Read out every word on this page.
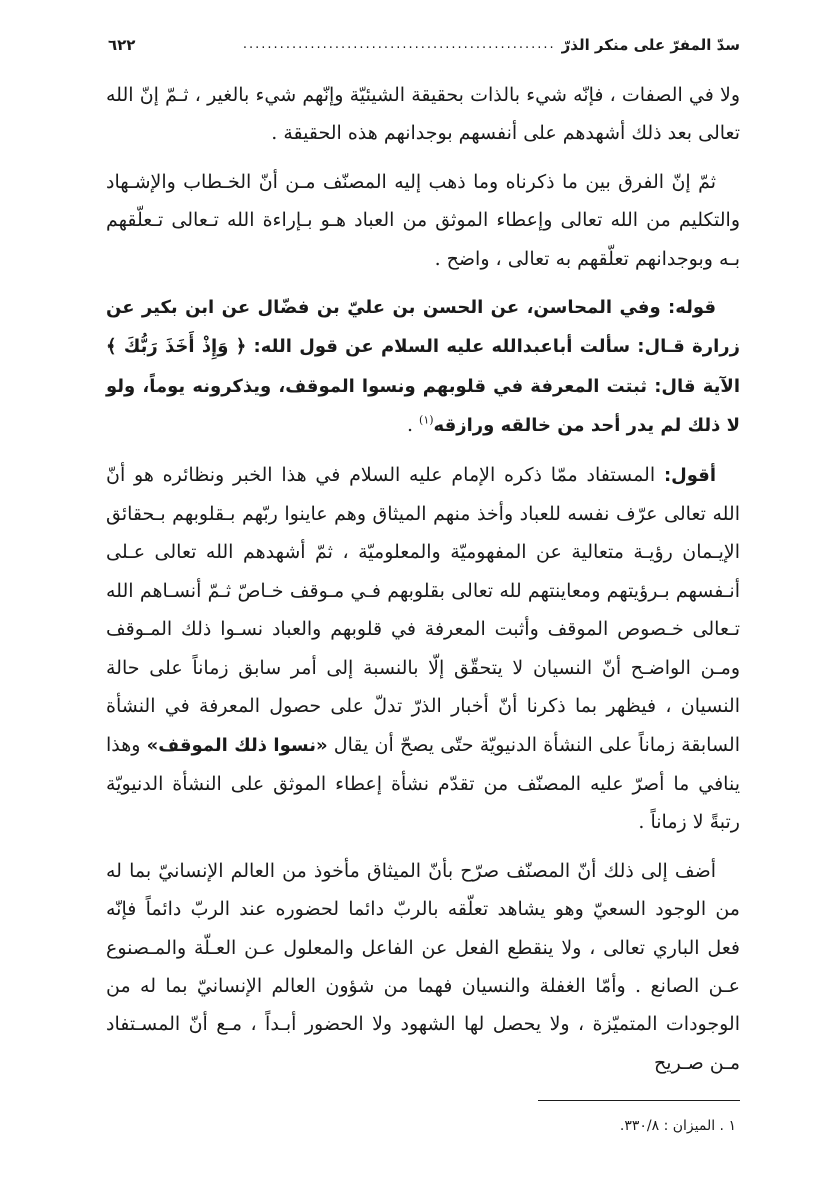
سدّ المفرّ على منكر الذرّ
...................................................
٦٢٢

ولا في الصفات ، فإنّه شيء بالذات بحقيقة الشيئيّة وإنّهم شيء بالغير ، ثـمّ إنّ الله تعالى بعد ذلك أشهدهم على أنفسهم بوجدانهم هذه الحقيقة .

ثمّ إنّ الفرق بين ما ذكرناه وما ذهب إليه المصنّف مـن أنّ الخـطاب والإشـهاد والتكليم من الله تعالى وإعطاء الموثق من العباد هـو بـإراءة الله تـعالى تـعلّقهم بـه وبوجدانهم تعلّقهم به تعالى ، واضح .

قوله: وفي المحاسن، عن الحسن بن عليّ بن فضّال عن ابن بكير عن زرارة قـال: سألت أباعبدالله عليه السلام عن قول الله: ﴿ وَإِذْ أَخَذَ رَبُّكَ ﴾ الآية قال: ثبتت المعرفة في قلوبهم ونسوا الموقف، ويذكرونه يوماً، ولو لا ذلك لم يدر أحد من خالقه ورازقه$^{(١)}$ .

أقول: المستفاد ممّا ذكره الإمام عليه السلام في هذا الخبر ونظائره هو أنّ الله تعالى عرّف نفسه للعباد وأخذ منهم الميثاق وهم عاينوا ربّهم بـقلوبهم بـحقائق الإيـمان رؤيـة متعالية عن المفهوميّة والمعلوميّة ، ثمّ أشهدهم الله تعالى عـلى أنـفسهم بـرؤيتهم ومعاينتهم لله تعالى بقلوبهم فـي مـوقف خـاصّ ثـمّ أنسـاهم الله تـعالى خـصوص الموقف وأثبت المعرفة في قلوبهم والعباد نسـوا ذلك المـوقف ومـن الواضـح أنّ النسيان لا يتحقّق إلّا بالنسبة إلى أمر سابق زماناً على حالة النسيان ، فيظهر بما ذكرنا أنّ أخبار الذرّ تدلّ على حصول المعرفة في النشأة السابقة زماناً على النشأة الدنيويّة حتّى يصحّ أن يقال «نسوا ذلك الموقف» وهذا ينافي ما أصرّ عليه المصنّف من تقدّم نشأة إعطاء الموثق على النشأة الدنيويّة رتبةً لا زماناً .

أضف إلى ذلك أنّ المصنّف صرّح بأنّ الميثاق مأخوذ من العالم الإنسانيّ بما له من الوجود السعيّ وهو يشاهد تعلّقه بالربّ دائما لحضوره عند الربّ دائماً فإنّه فعل الباري تعالى ، ولا ينقطع الفعل عن الفاعل والمعلول عـن العـلّة والمـصنوع عـن الصانع . وأمّا الغفلة والنسيان فهما من شؤون العالم الإنسانيّ بما له من الوجودات المتميّزة ، ولا يحصل لها الشهود ولا الحضور أبـداً ، مـع أنّ المسـتفاد مـن صـريح

١ . الميزان : ٣٣٠/٨.
